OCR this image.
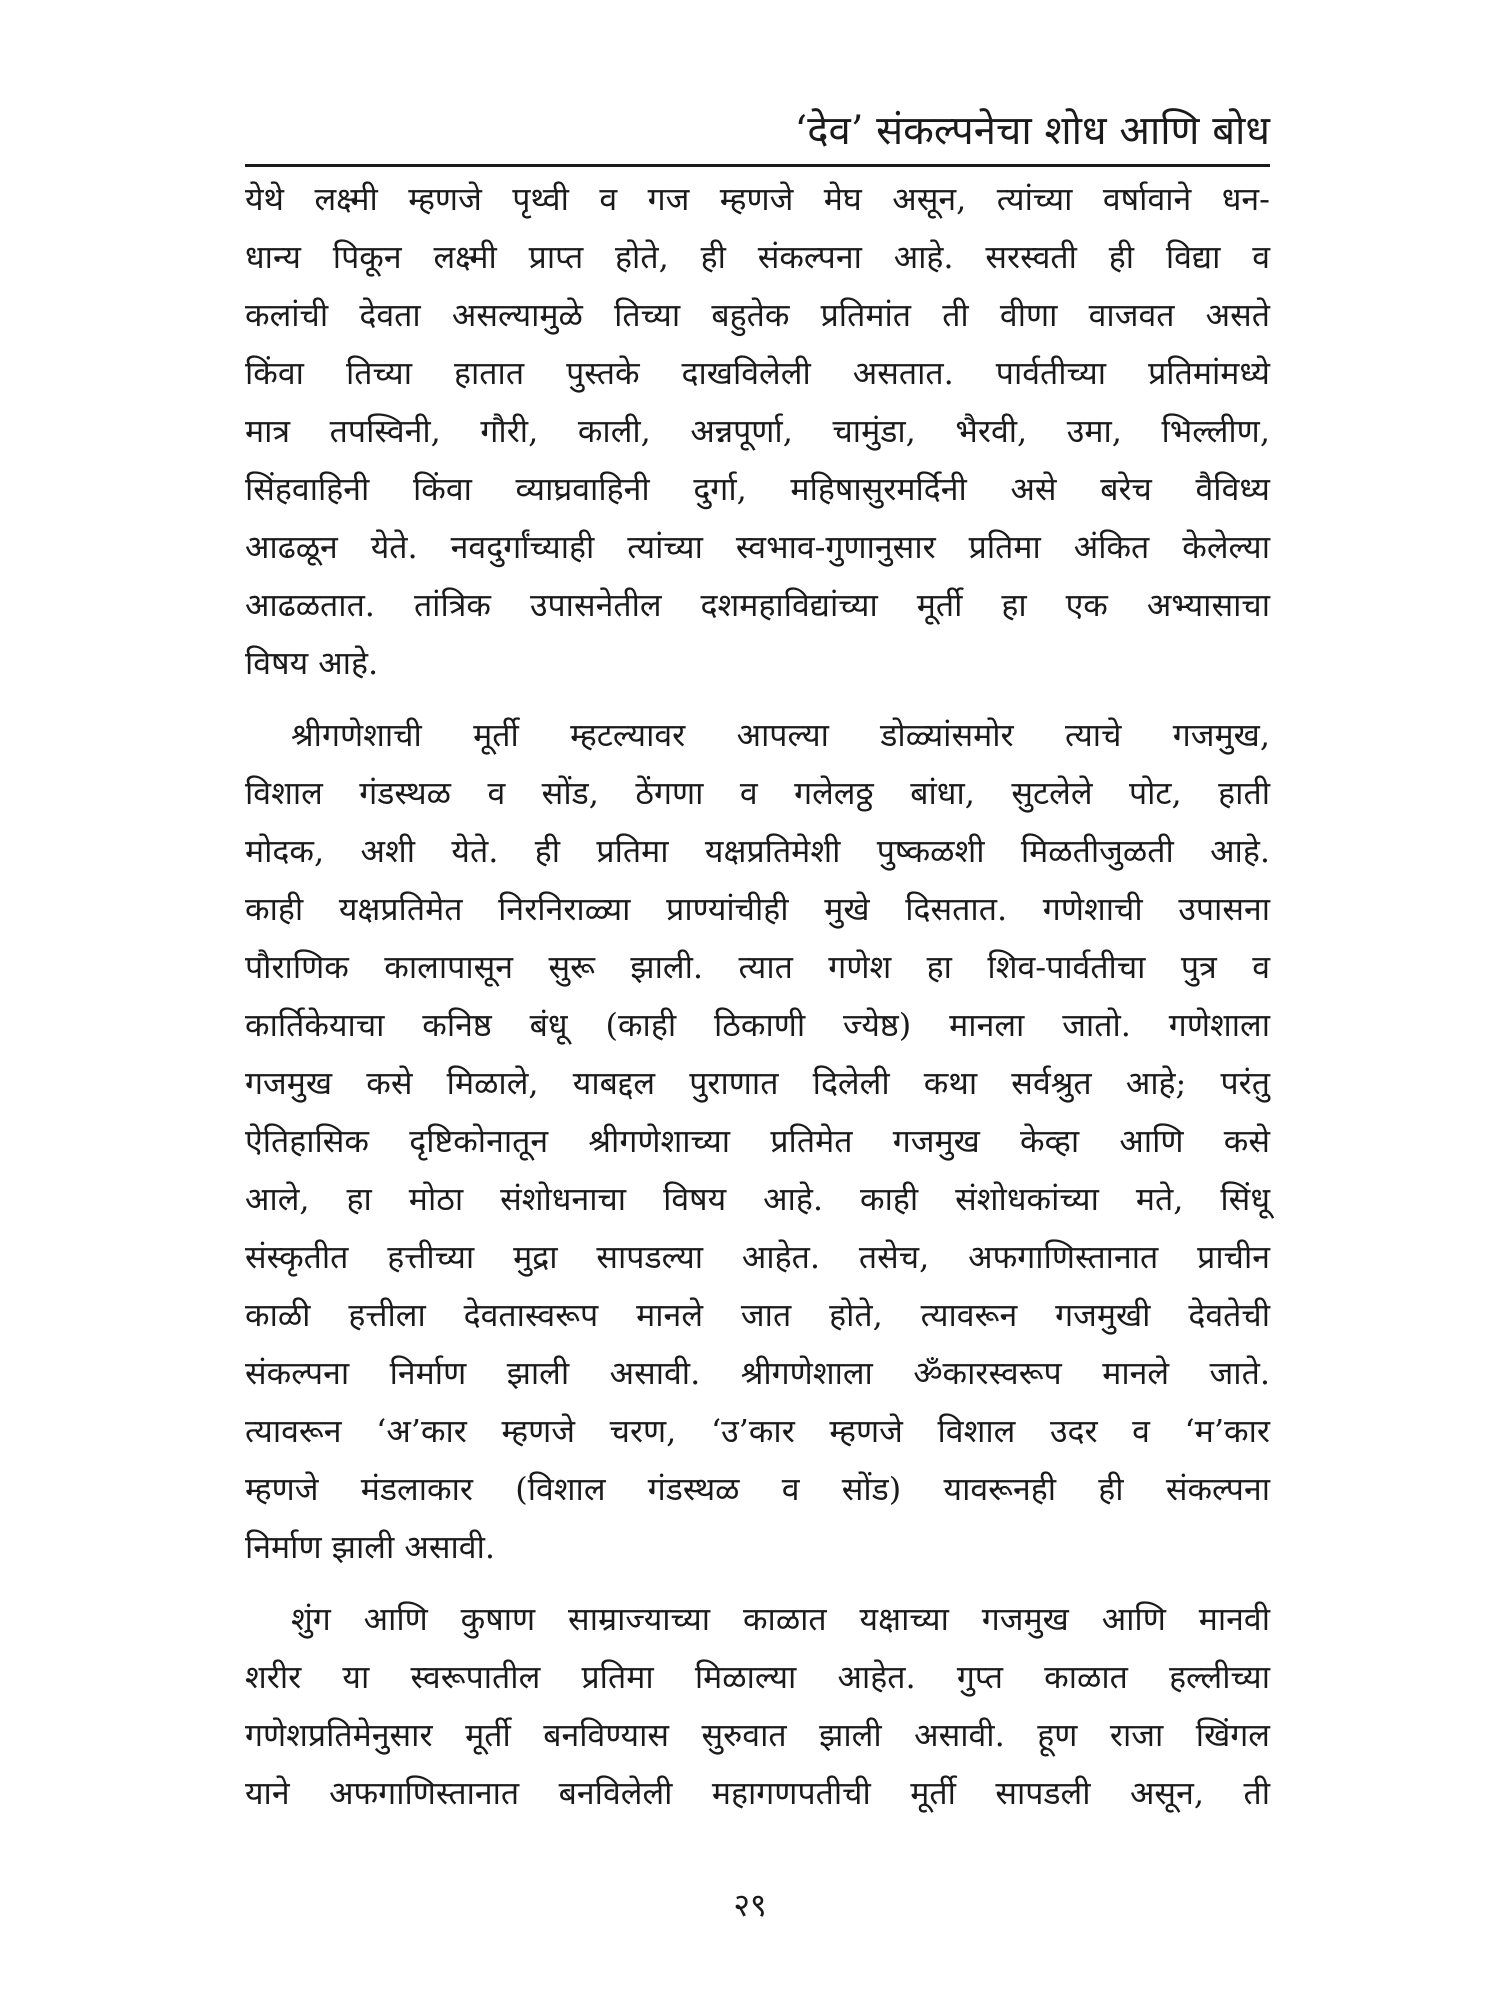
‘देव’ संकल्पनेचा शोध आणि बोध
येथे लक्ष्मी म्हणजे पृथ्वी व गज म्हणजे मेघ असून, त्यांच्या वर्षावाने धन-
धान्य पिकून लक्ष्मी प्राप्त होते, ही संकल्पना आहे. सरस्वती ही विद्या व
कलांची देवता असल्यामुळे तिच्या बहुतेक प्रतिमांत ती वीणा वाजवत असते
किंवा तिच्या हातात पुस्तके दाखविलेली असतात. पार्वतीच्या प्रतिमांमध्ये
मात्र तपस्विनी, गौरी, काली, अन्नपूर्णा, चामुंडा, भैरवी, उमा, भिल्लीण,
सिंहवाहिनी किंवा व्याघ्रवाहिनी दुर्गा, महिषासुरमर्दिनी असे बरेच वैविध्य
आढळून येते. नवदुर्गांच्याही त्यांच्या स्वभाव-गुणानुसार प्रतिमा अंकित केलेल्या
आढळतात. तांत्रिक उपासनेतील दशमहाविद्यांच्या मूर्ती हा एक अभ्यासाचा
विषय आहे.
श्रीगणेशाची मूर्ती म्हटल्यावर आपल्या डोळ्यांसमोर त्याचे गजमुख,
विशाल गंडस्थळ व सोंड, ठेंगणा व गलेलठ्ठ बांधा, सुटलेले पोट, हाती
मोदक, अशी येते. ही प्रतिमा यक्षप्रतिमेशी पुष्कळशी मिळतीजुळती आहे.
काही यक्षप्रतिमेत निरनिराळ्या प्राण्यांचीही मुखे दिसतात. गणेशाची उपासना
पौराणिक कालापासून सुरू झाली. त्यात गणेश हा शिव-पार्वतीचा पुत्र व
कार्तिकेयाचा कनिष्ठ बंधू (काही ठिकाणी ज्येष्ठ) मानला जातो. गणेशाला
गजमुख कसे मिळाले, याबद्दल पुराणात दिलेली कथा सर्वश्रुत आहे; परंतु
ऐतिहासिक दृष्टिकोनातून श्रीगणेशाच्या प्रतिमेत गजमुख केव्हा आणि कसे
आले, हा मोठा संशोधनाचा विषय आहे. काही संशोधकांच्या मते, सिंधू
संस्कृतीत हत्तीच्या मुद्रा सापडल्या आहेत. तसेच, अफगाणिस्तानात प्राचीन
काळी हत्तीला देवतास्वरूप मानले जात होते, त्यावरून गजमुखी देवतेची
संकल्पना निर्माण झाली असावी. श्रीगणेशाला ॐकारस्वरूप मानले जाते.
त्यावरून ‘अ’कार म्हणजे चरण, ‘उ’कार म्हणजे विशाल उदर व ‘म’कार
म्हणजे मंडलाकार (विशाल गंडस्थळ व सोंड) यावरूनही ही संकल्पना
निर्माण झाली असावी.
शुंग आणि कुषाण साम्राज्याच्या काळात यक्षाच्या गजमुख आणि मानवी
शरीर या स्वरूपातील प्रतिमा मिळाल्या आहेत. गुप्त काळात हल्लीच्या
गणेशप्रतिमेनुसार मूर्ती बनविण्यास सुरुवात झाली असावी. हूण राजा खिंगल
याने अफगाणिस्तानात बनविलेली महागणपतीची मूर्ती सापडली असून, ती
२९
